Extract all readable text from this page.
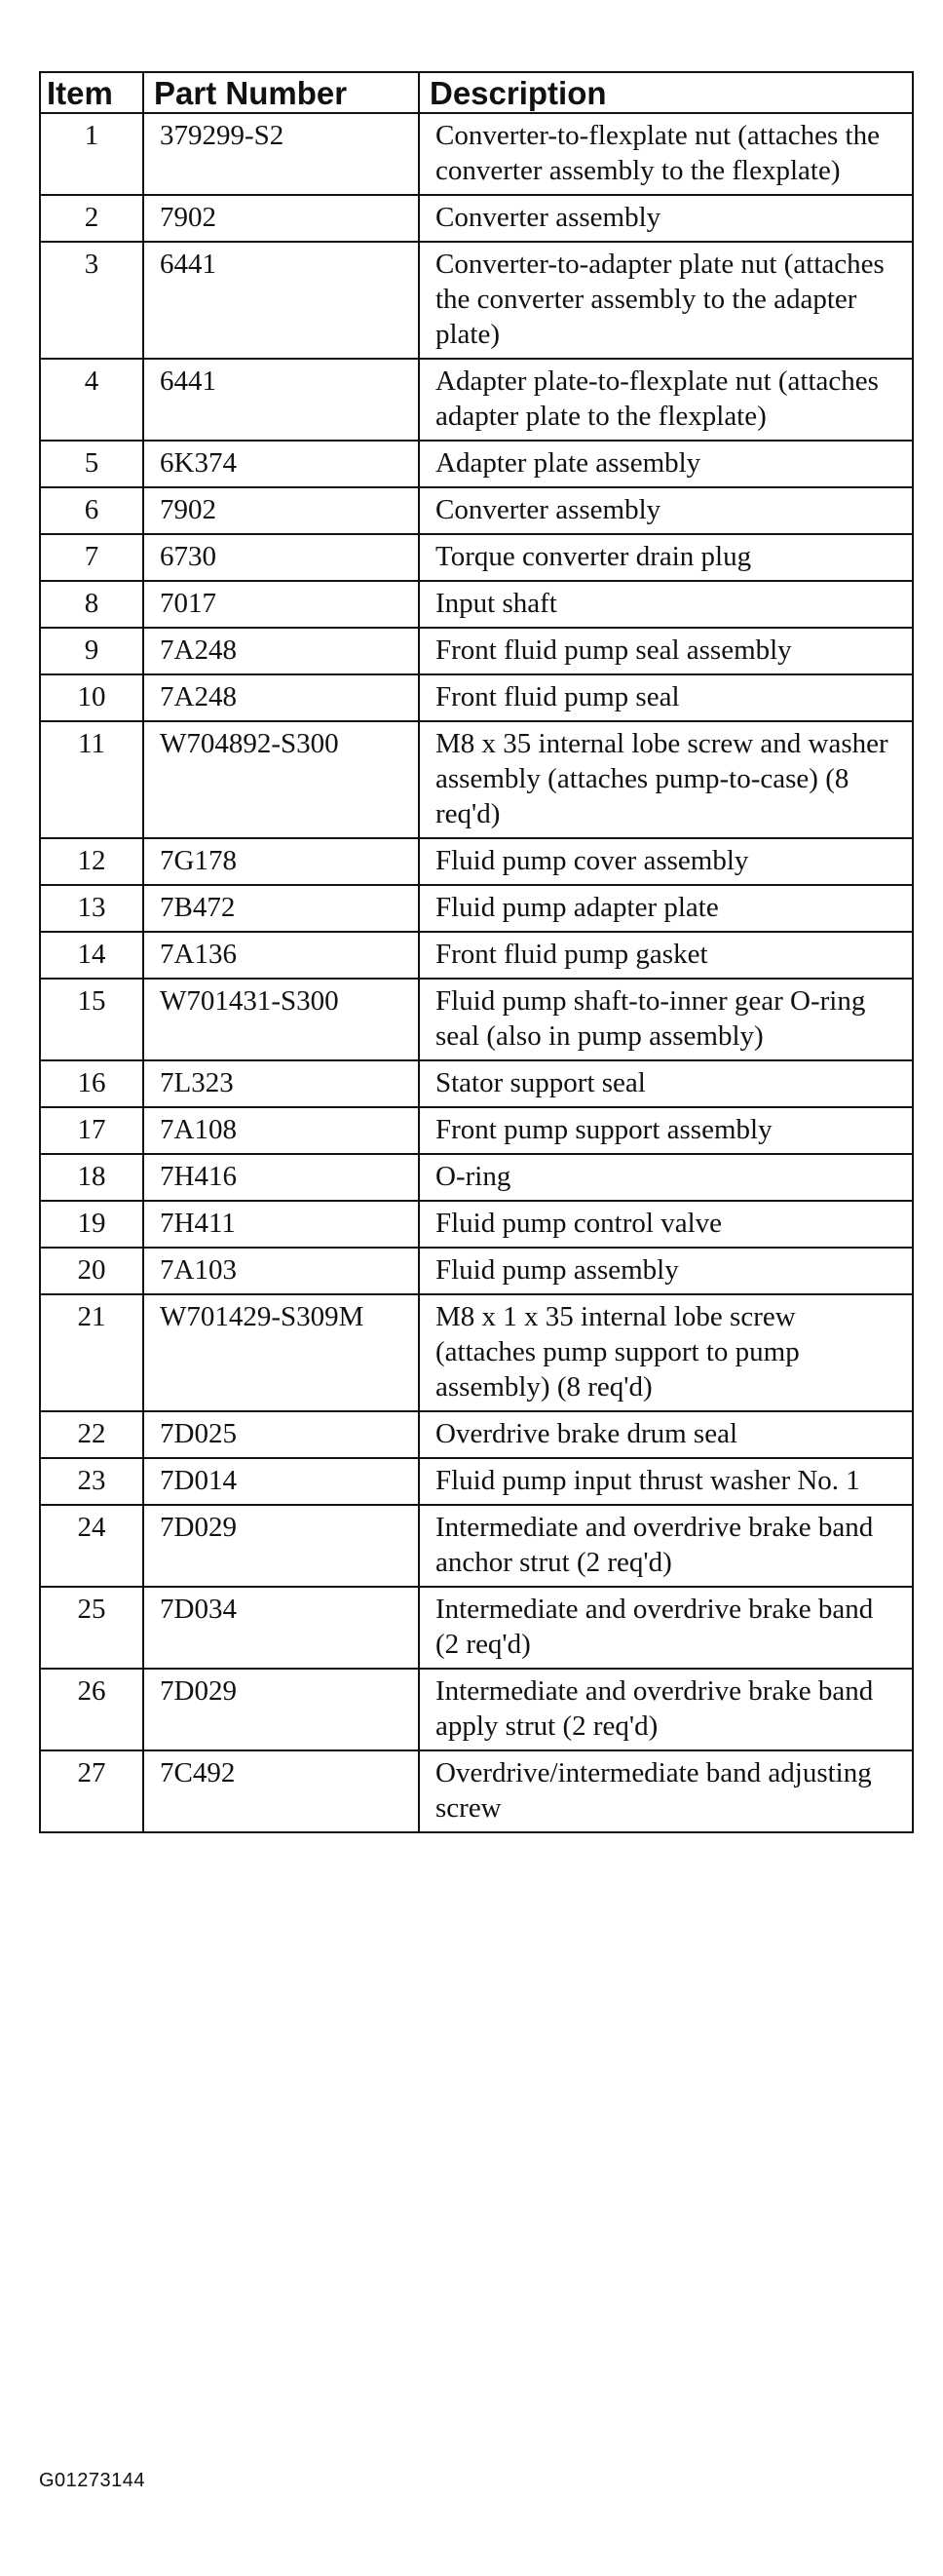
Item	Part Number	Description
1	379299-S2	Converter-to-flexplate nut (attaches the converter assembly to the flexplate)
2	7902	Converter assembly
3	6441	Converter-to-adapter plate nut (attaches the converter assembly to the adapter plate)
4	6441	Adapter plate-to-flexplate nut (attaches adapter plate to the flexplate)
5	6K374	Adapter plate assembly
6	7902	Converter assembly
7	6730	Torque converter drain plug
8	7017	Input shaft
9	7A248	Front fluid pump seal assembly
10	7A248	Front fluid pump seal
11	W704892-S300	M8 x 35 internal lobe screw and washer assembly (attaches pump-to-case) (8 req'd)
12	7G178	Fluid pump cover assembly
13	7B472	Fluid pump adapter plate
14	7A136	Front fluid pump gasket
15	W701431-S300	Fluid pump shaft-to-inner gear O-ring seal (also in pump assembly)
16	7L323	Stator support seal
17	7A108	Front pump support assembly
18	7H416	O-ring
19	7H411	Fluid pump control valve
20	7A103	Fluid pump assembly
21	W701429-S309M	M8 x 1 x 35 internal lobe screw (attaches pump support to pump assembly) (8 req'd)
22	7D025	Overdrive brake drum seal
23	7D014	Fluid pump input thrust washer No. 1
24	7D029	Intermediate and overdrive brake band anchor strut (2 req'd)
25	7D034	Intermediate and overdrive brake band (2 req'd)
26	7D029	Intermediate and overdrive brake band apply strut (2 req'd)
27	7C492	Overdrive/intermediate band adjusting screw
G01273144
